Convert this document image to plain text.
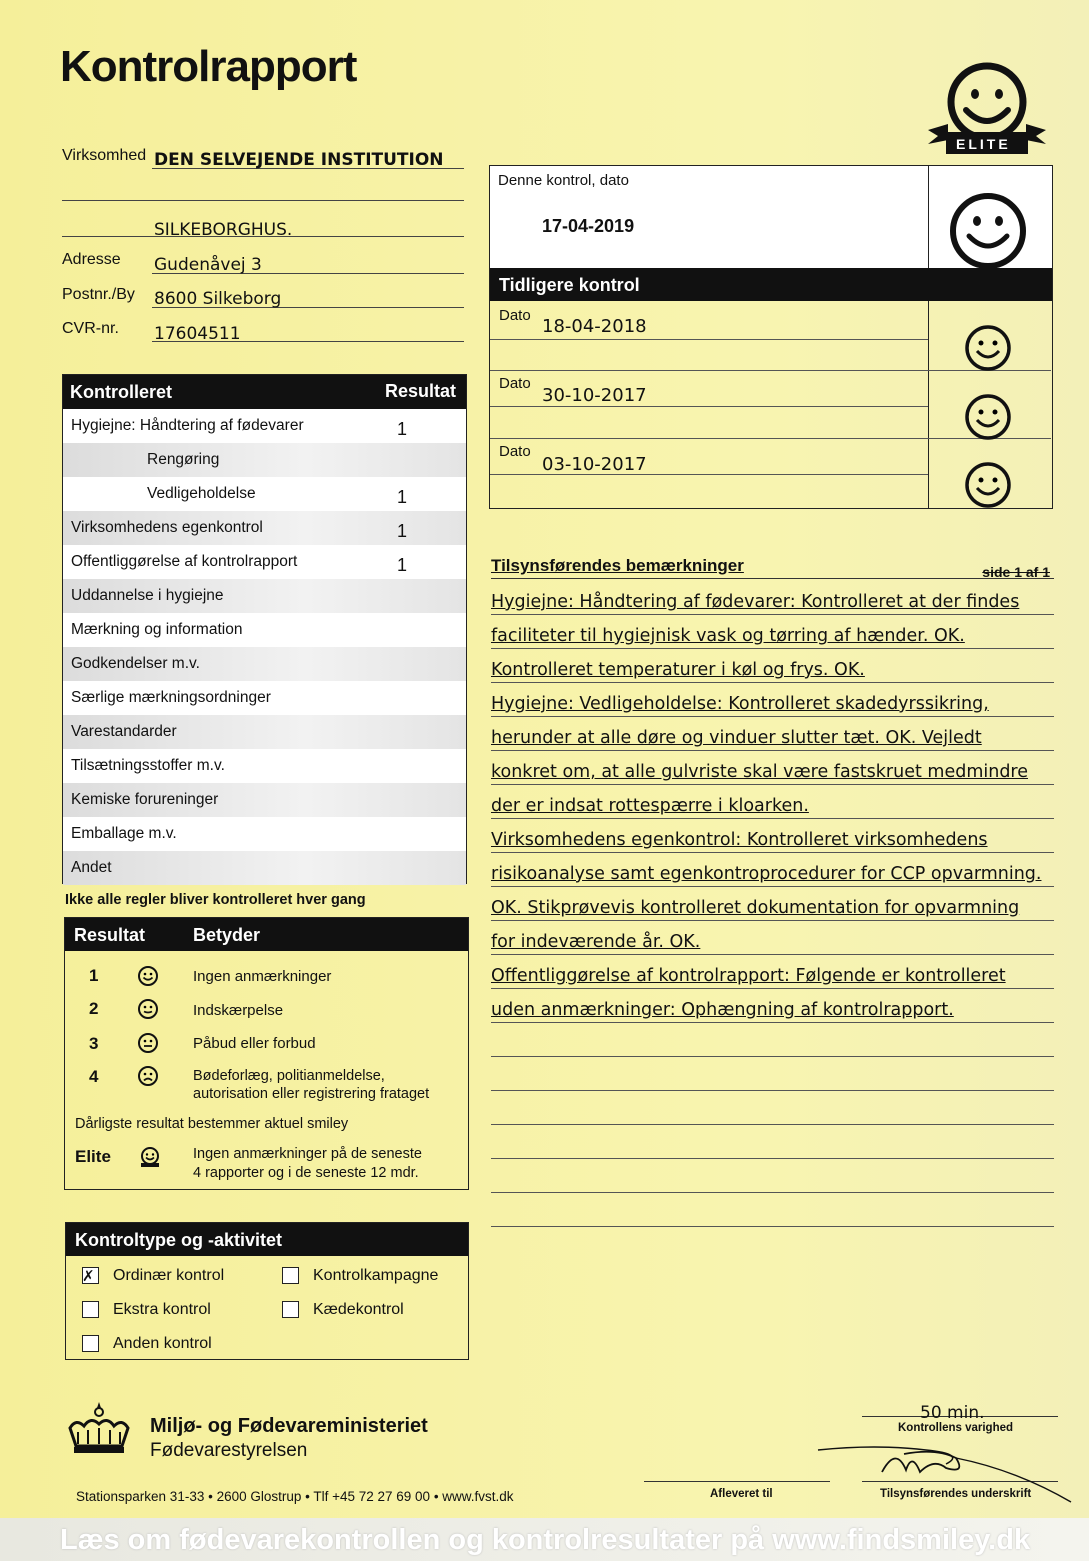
Kontrolrapport
Virksomhed DEN SELVEJENDE INSTITUTION
SILKEBORGHUS.
Adresse Gudenåvej 3
Postnr./By 8600 Silkeborg
CVR-nr. 17604511
Kontrolleret	Resultat
Hygiejne: Håndtering af fødevarer	1
Rengøring
Vedligeholdelse	1
Virksomhedens egenkontrol	1
Offentliggørelse af kontrolrapport	1
Uddannelse i hygiejne
Mærkning og information
Godkendelser m.v.
Særlige mærkningsordninger
Varestandarder
Tilsætningsstoffer m.v.
Kemiske forureninger
Emballage m.v.
Andet
Ikke alle regler bliver kontrolleret hver gang
Resultat	Betyder
1	Ingen anmærkninger
2	Indskærpelse
3	Påbud eller forbud
4	Bødeforlæg, politianmeldelse,
autorisation eller registrering frataget
Dårligste resultat bestemmer aktuel smiley
Elite	Ingen anmærkninger på de seneste
4 rapporter og i de seneste 12 mdr.
Kontroltype og -aktivitet
✗ Ordinær kontrol	Kontrolkampagne
Ekstra kontrol	Kædekontrol
Anden kontrol
ELITE
Denne kontrol, dato
17-04-2019
Tidligere kontrol
Dato
18-04-2018
Dato
30-10-2017
Dato
03-10-2017
Tilsynsførendes bemærkninger	side 1 af 1
Hygiejne: Håndtering af fødevarer: Kontrolleret at der findes
faciliteter til hygiejnisk vask og tørring af hænder. OK.
Kontrolleret temperaturer i køl og frys. OK.
Hygiejne: Vedligeholdelse: Kontrolleret skadedyrssikring,
herunder at alle døre og vinduer slutter tæt. OK. Vejledt
konkret om, at alle gulvriste skal være fastskruet medmindre
der er indsat rottespærre i kloarken.
Virksomhedens egenkontrol: Kontrolleret virksomhedens
risikoanalyse samt egenkontroprocedurer for CCP opvarmning.
OK. Stikprøvevis kontrolleret dokumentation for opvarmning
for indeværende år. OK.
Offentliggørelse af kontrolrapport: Følgende er kontrolleret
uden anmærkninger: Ophængning af kontrolrapport.
Miljø- og Fødevareministeriet
Fødevarestyrelsen
Stationsparken 31-33 • 2600 Glostrup • Tlf +45 72 27 69 00 • www.fvst.dk
50 min.
Kontrollens varighed
Afleveret til	Tilsynsførendes underskrift
Læs om fødevarekontrollen og kontrolresultater på www.findsmiley.dk
